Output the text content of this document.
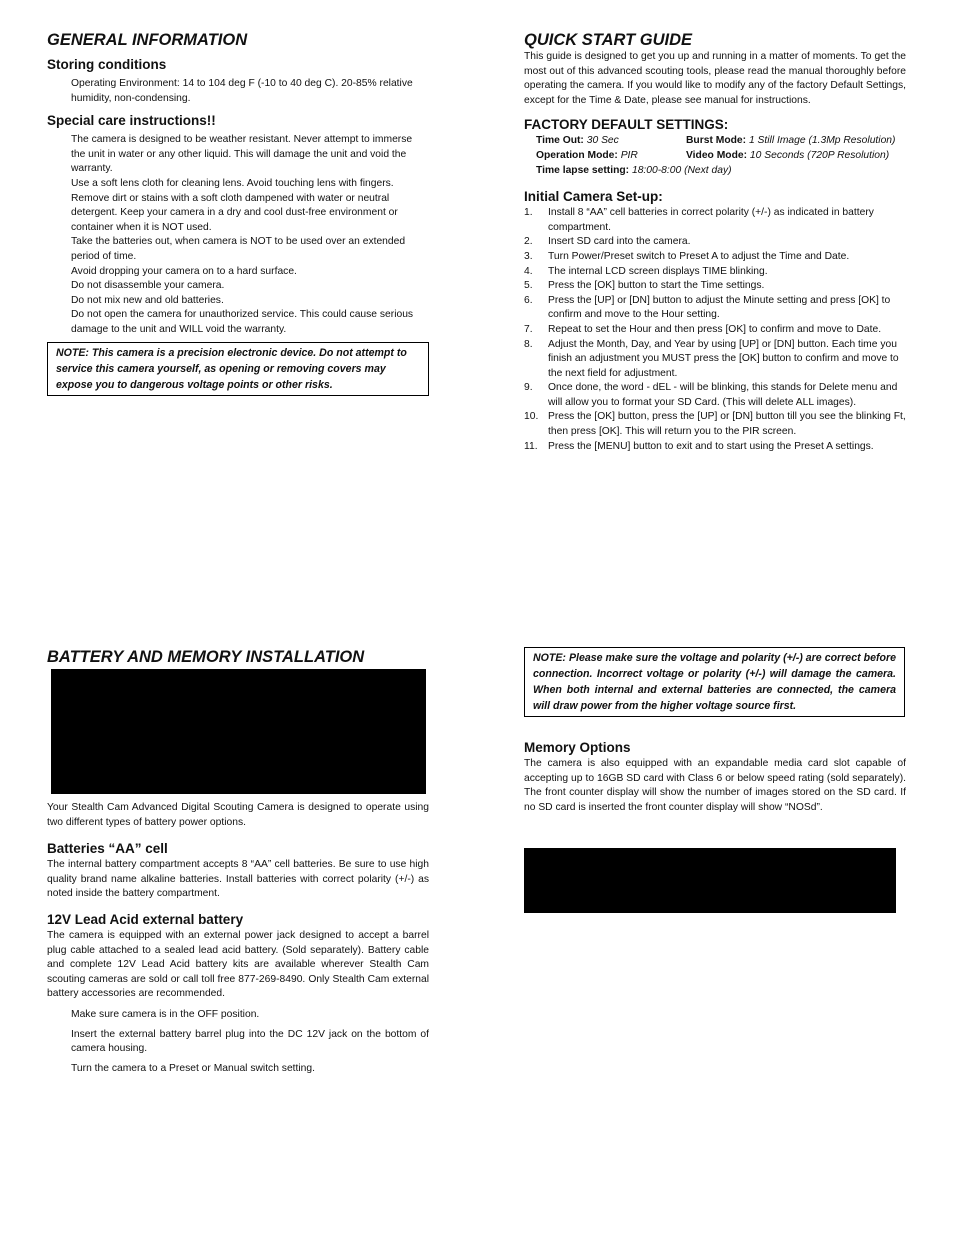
GENERAL INFORMATION
Storing conditions

Operating Environment: 14 to 104 deg F (-10 to 40 deg C). 20-85% relative humidity, non-condensing.

Special care instructions!!

The camera is designed to be weather resistant. Never attempt to immerse the unit in water or any other liquid. This will damage the unit and void the warranty.

Use a soft lens cloth for cleaning lens. Avoid touching lens with fingers.

Remove dirt or stains with a soft cloth dampened with water or neutral detergent. Keep your camera in a dry and cool dust-free environment or container when it is NOT used.

Take the batteries out, when camera is NOT to be used over an extended period of time.

Avoid dropping your camera on to a hard surface.

Do not disassemble your camera.

Do not mix new and old batteries.

Do not open the camera for unauthorized service. This could cause serious damage to the unit and WILL void the warranty.

NOTE: This camera is a precision electronic device. Do not attempt to service this camera yourself, as opening or removing covers may expose you to dangerous voltage points or other risks.
QUICK START GUIDE

This guide is designed to get you up and running in a matter of moments. To get the most out of this advanced scouting tools, please read the manual thoroughly before operating the camera. If you would like to modify any of the factory Default Settings, except for the Time & Date, please see manual for instructions.

FACTORY DEFAULT SETTINGS:
Time Out: 30 Sec	Burst Mode: 1 Still Image (1.3Mp Resolution)
Operation Mode: PIR	Video Mode: 10 Seconds (720P Resolution)
Time lapse setting: 18:00-8:00 (Next day)
Initial Camera Set-up:
1. Install 8 “AA” cell batteries in correct polarity (+/-) as indicated in battery compartment.
2. Insert SD card into the camera.
3. Turn Power/Preset switch to Preset A to adjust the Time and Date.
4. The internal LCD screen displays TIME blinking.
5. Press the [OK] button to start the Time settings.
6. Press the [UP] or [DN] button to adjust the Minute setting and press [OK] to confirm and move to the Hour setting.
7. Repeat to set the Hour and then press [OK] to confirm and move to Date.
8. Adjust the Month, Day, and Year by using [UP] or [DN] button. Each time you finish an adjustment you MUST press the [OK] button to confirm and move to the next field for adjustment.
9. Once done, the word - dEL - will be blinking, this stands for Delete menu and will allow you to format your SD Card. (This will delete ALL images).
10. Press the [OK] button, press the [UP] or [DN] button till you see the blinking Ft, then press [OK]. This will return you to the PIR screen.
11. Press the [MENU] button to exit and to start using the Preset A settings.
BATTERY AND MEMORY INSTALLATION

Your Stealth Cam Advanced Digital Scouting Camera is designed to operate using two different types of battery power options.

Batteries “AA” cell

The internal battery compartment accepts 8 “AA” cell batteries. Be sure to use high quality brand name alkaline batteries. Install batteries with correct polarity (+/-) as noted inside the battery compartment.

12V Lead Acid external battery

The camera is equipped with an external power jack designed to accept a barrel plug cable attached to a sealed lead acid battery. (Sold separately). Battery cable and complete 12V Lead Acid battery kits are available wherever Stealth Cam scouting cameras are sold or call toll free 877-269-8490. Only Stealth Cam external battery accessories are recommended.

Make sure camera is in the OFF position.

Insert the external battery barrel plug into the DC 12V jack on the bottom of camera housing.

Turn the camera to a Preset or Manual switch setting.

NOTE: Please make sure the voltage and polarity (+/-) are correct before connection. Incorrect voltage or polarity (+/-) will damage the camera. When both internal and external batteries are connected, the camera will draw power from the higher voltage source first.
Memory Options

The camera is also equipped with an expandable media card slot capable of accepting up to 16GB SD card with Class 6 or below speed rating (sold separately). The front counter display will show the number of images stored on the SD card. If no SD card is inserted the front counter display will show “NOSd”.
